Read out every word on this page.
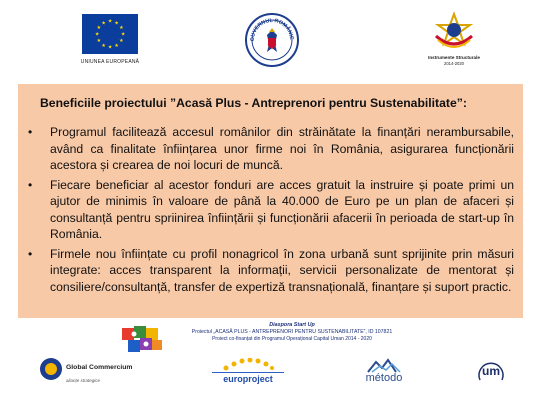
★ ★
★
★
★
★
★
★
★
★
★
★
UNIUNEA EUROPEANĂ
GUVERNUL ROMÂNIE
Instrumente Structurale
2014-2020
Beneficiile proiectului ”Acasă Plus - Antreprenori pentru Sustenabilitate”:
•	Programul facilitează accesul românilor din străinătate la finanțări nerambursabile, având ca finalitate înființarea unor firme noi în România, asigurarea funcționării acestora și crearea de noi locuri de muncă.
•	Fiecare beneficiar al acestor fonduri are acces gratuit la instruire și poate primi un ajutor de minimis în valoare de până la 40.000 de Euro pe un plan de afaceri și consultanță pentru spriinirea înființării și funcționării afacerii în perioada de start-up în România.
•	Firmele nou înființate cu profil nonagricol în zona urbană sunt sprijinite prin măsuri integrate: acces transparent la informații, servicii personalizate de mentorat și consiliere/consultanță, transfer de expertiză transnațională, finanțare și suport practic.
Diaspora Start Up
Proiectul „ACASĂ PLUS - ANTREPRENORI PENTRU SUSTENABILITATE”, ID 107821
Proiect co-finanțat din Programul Operațional Capital Uman 2014 - 2020
Global Commercium
alianțe strategice	europroject	método	um
